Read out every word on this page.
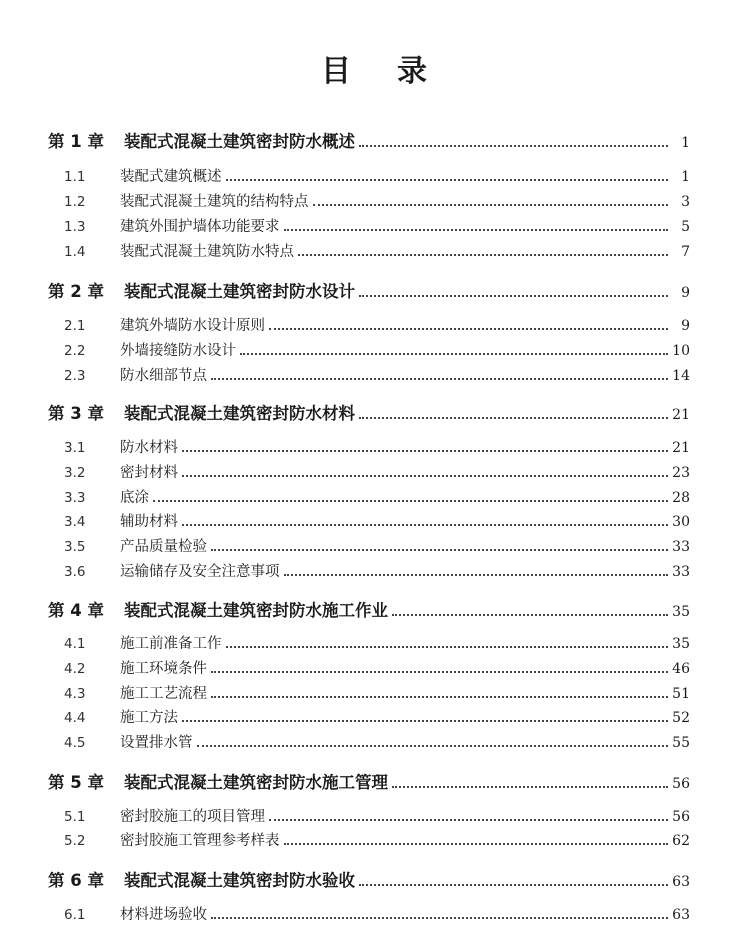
目 录
第 1 章	装配式混凝土建筑密封防水概述	1
1.1	装配式建筑概述	1
1.2	装配式混凝土建筑的结构特点	3
1.3	建筑外围护墙体功能要求	5
1.4	装配式混凝土建筑防水特点	7
第 2 章	装配式混凝土建筑密封防水设计	9
2.1	建筑外墙防水设计原则	9
2.2	外墙接缝防水设计	10
2.3	防水细部节点	14
第 3 章	装配式混凝土建筑密封防水材料	21
3.1	防水材料	21
3.2	密封材料	23
3.3	底涂	28
3.4	辅助材料	30
3.5	产品质量检验	33
3.6	运输储存及安全注意事项	33
第 4 章	装配式混凝土建筑密封防水施工作业	35
4.1	施工前准备工作	35
4.2	施工环境条件	46
4.3	施工工艺流程	51
4.4	施工方法	52
4.5	设置排水管	55
第 5 章	装配式混凝土建筑密封防水施工管理	56
5.1	密封胶施工的项目管理	56
5.2	密封胶施工管理参考样表	62
第 6 章	装配式混凝土建筑密封防水验收	63
6.1	材料进场验收	63
